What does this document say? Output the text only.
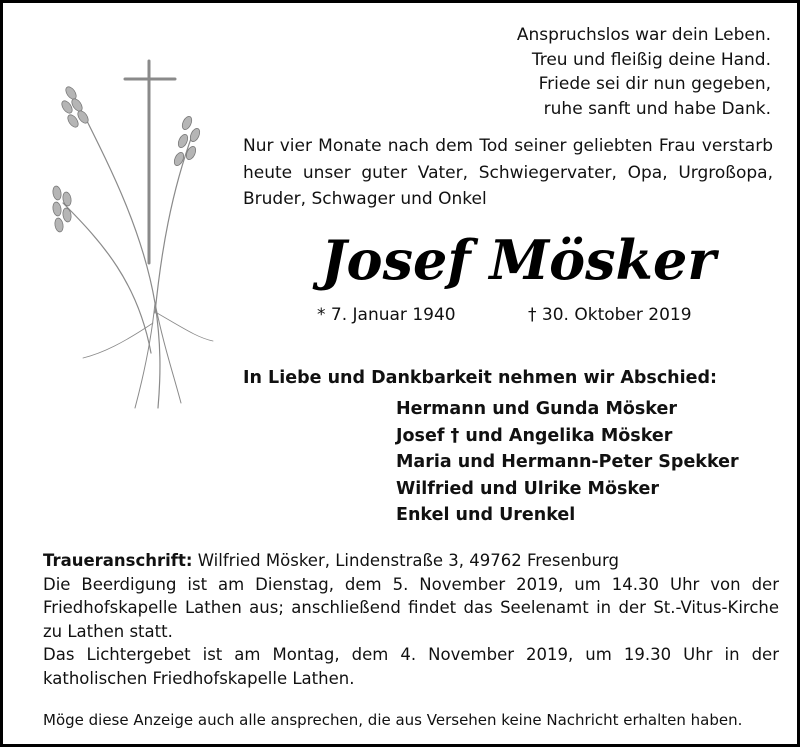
Anspruchslos war dein Leben.
Treu und fleißig deine Hand.
Friede sei dir nun gegeben,
ruhe sanft und habe Dank.
Nur vier Monate nach dem Tod seiner geliebten Frau verstarb heute unser guter Vater, Schwiegervater, Opa, Urgroßopa, Bruder, Schwager und Onkel
Josef Mösker
* 7. Januar 1940	† 30. Oktober 2019
In Liebe und Dankbarkeit nehmen wir Abschied:
Hermann und Gunda Mösker
Josef † und Angelika Mösker
Maria und Hermann-Peter Spekker
Wilfried und Ulrike Mösker
Enkel und Urenkel

Traueranschrift: Wilfried Mösker, Lindenstraße 3, 49762 Fresenburg

Die Beerdigung ist am Dienstag, dem 5. November 2019, um 14.30 Uhr von der Friedhofskapelle Lathen aus; anschließend findet das Seelenamt in der St.-Vitus-Kirche zu Lathen statt.

Das Lichtergebet ist am Montag, dem 4. November 2019, um 19.30 Uhr in der katholischen Friedhofskapelle Lathen.

Möge diese Anzeige auch alle ansprechen, die aus Versehen keine Nachricht erhalten haben.
